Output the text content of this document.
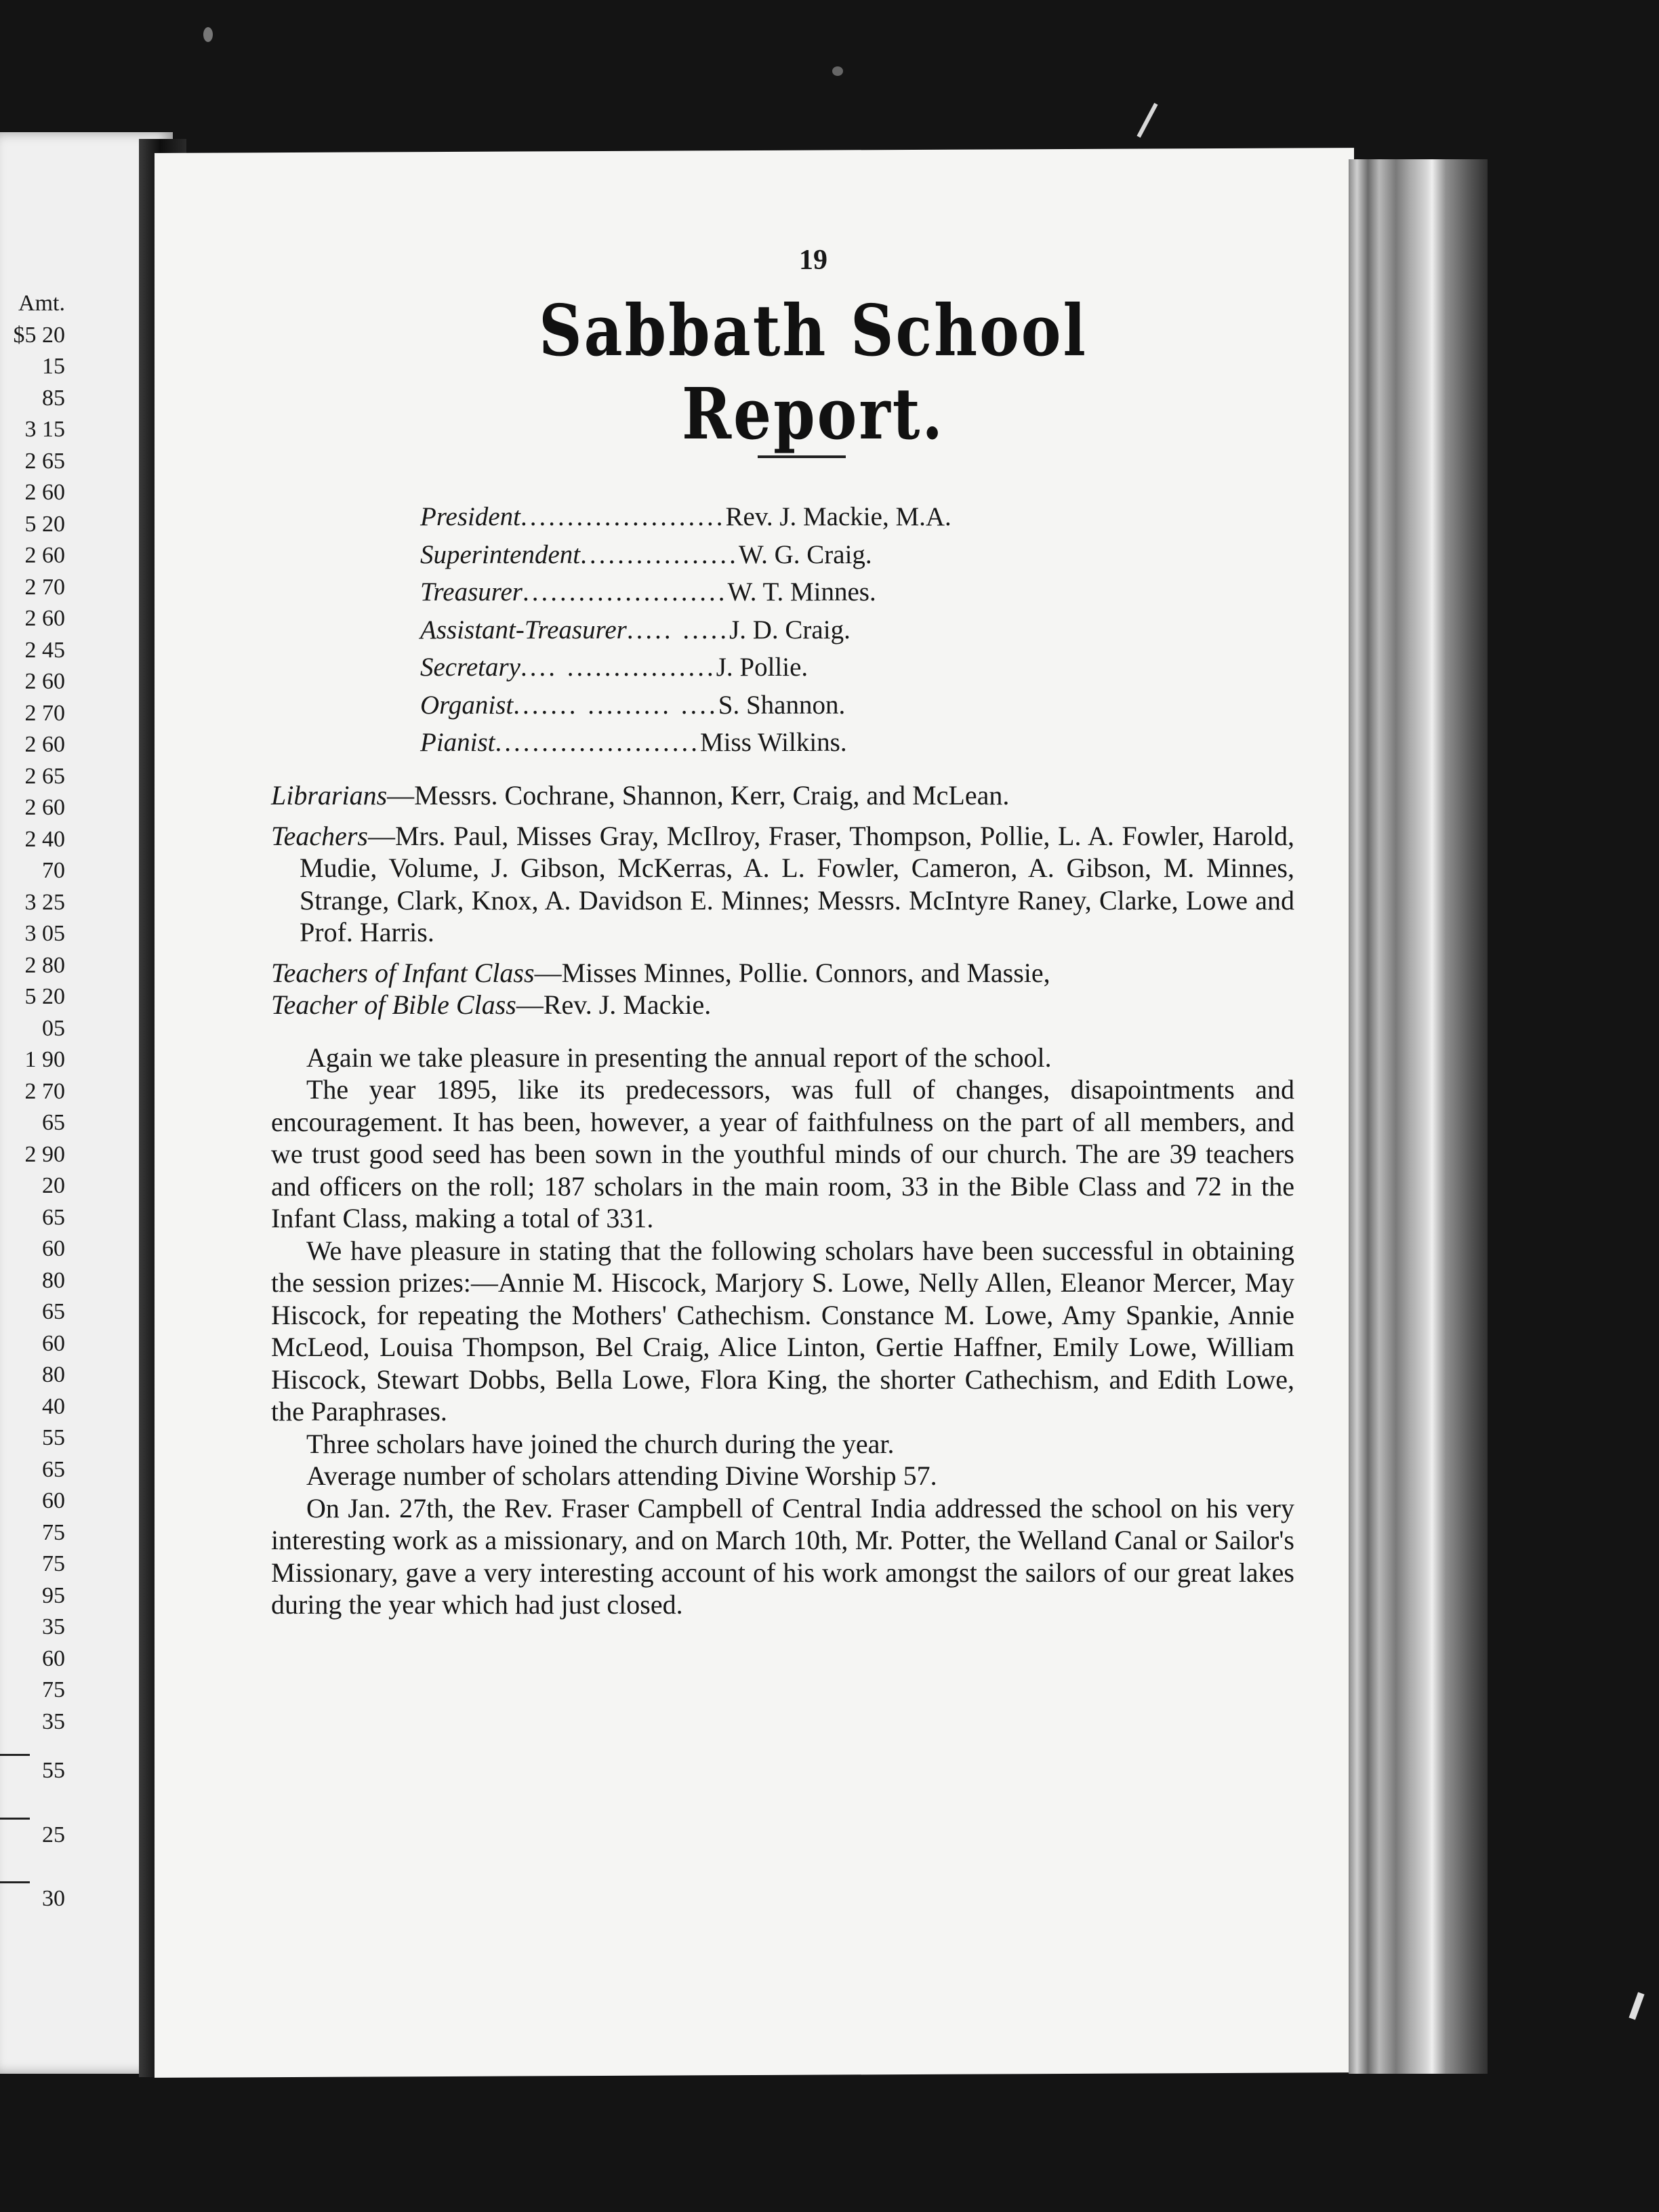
Amt.
$5 20
15
85
3 15
2 65
2 60
5 20
2 60
2 70
2 60
2 45
2 60
2 70
2 60
2 65
2 60
2 40
70
3 25
3 05
2 80
5 20
05
1 90
2 70
65
2 90
20
65
60
80
65
60
80
40
55
65
60
75
75
95
35
60
75
35
55
25
30
19
Sabbath School Report.
President ...................... Rev. J. Mackie, M.A.
Superintendent ................. W. G. Craig.
Treasurer ...................... W. T. Minnes.
Assistant-Treasurer ..... ..... J. D. Craig.
Secretary .... ................ J. Pollie.
Organist ....... ......... .... S. Shannon.
Pianist ...................... Miss Wilkins.
Librarians—Messrs. Cochrane, Shannon, Kerr, Craig, and McLean.
Teachers—Mrs. Paul, Misses Gray, McIlroy, Fraser, Thompson, Pollie, L. A. Fowler, Harold, Mudie, Volume, J. Gibson, McKerras, A. L. Fowler, Cameron, A. Gibson, M. Minnes, Strange, Clark, Knox, A. Davidson E. Minnes; Messrs. McIntyre Raney, Clarke, Lowe and Prof. Harris.
Teachers of Infant Class—Misses Minnes, Pollie. Connors, and Massie,
Teacher of Bible Class—Rev. J. Mackie.

Again we take pleasure in presenting the annual report of the school.

The year 1895, like its predecessors, was full of changes, disapointments and encouragement. It has been, however, a year of faithfulness on the part of all members, and we trust good seed has been sown in the youthful minds of our church. The are 39 teachers and officers on the roll; 187 scholars in the main room, 33 in the Bible Class and 72 in the Infant Class, making a total of 331.

We have pleasure in stating that the following scholars have been successful in obtaining the session prizes:—Annie M. Hiscock, Marjory S. Lowe, Nelly Allen, Eleanor Mercer, May Hiscock, for repeating the Mothers' Cathechism. Constance M. Lowe, Amy Spankie, Annie McLeod, Louisa Thompson, Bel Craig, Alice Linton, Gertie Haffner, Emily Lowe, William Hiscock, Stewart Dobbs, Bella Lowe, Flora King, the shorter Cathechism, and Edith Lowe, the Paraphrases.

Three scholars have joined the church during the year.

Average number of scholars attending Divine Worship 57.

On Jan. 27th, the Rev. Fraser Campbell of Central India addressed the school on his very interesting work as a missionary, and on March 10th, Mr. Potter, the Welland Canal or Sailor's Missionary, gave a very interesting account of his work amongst the sailors of our great lakes during the year which had just closed.
